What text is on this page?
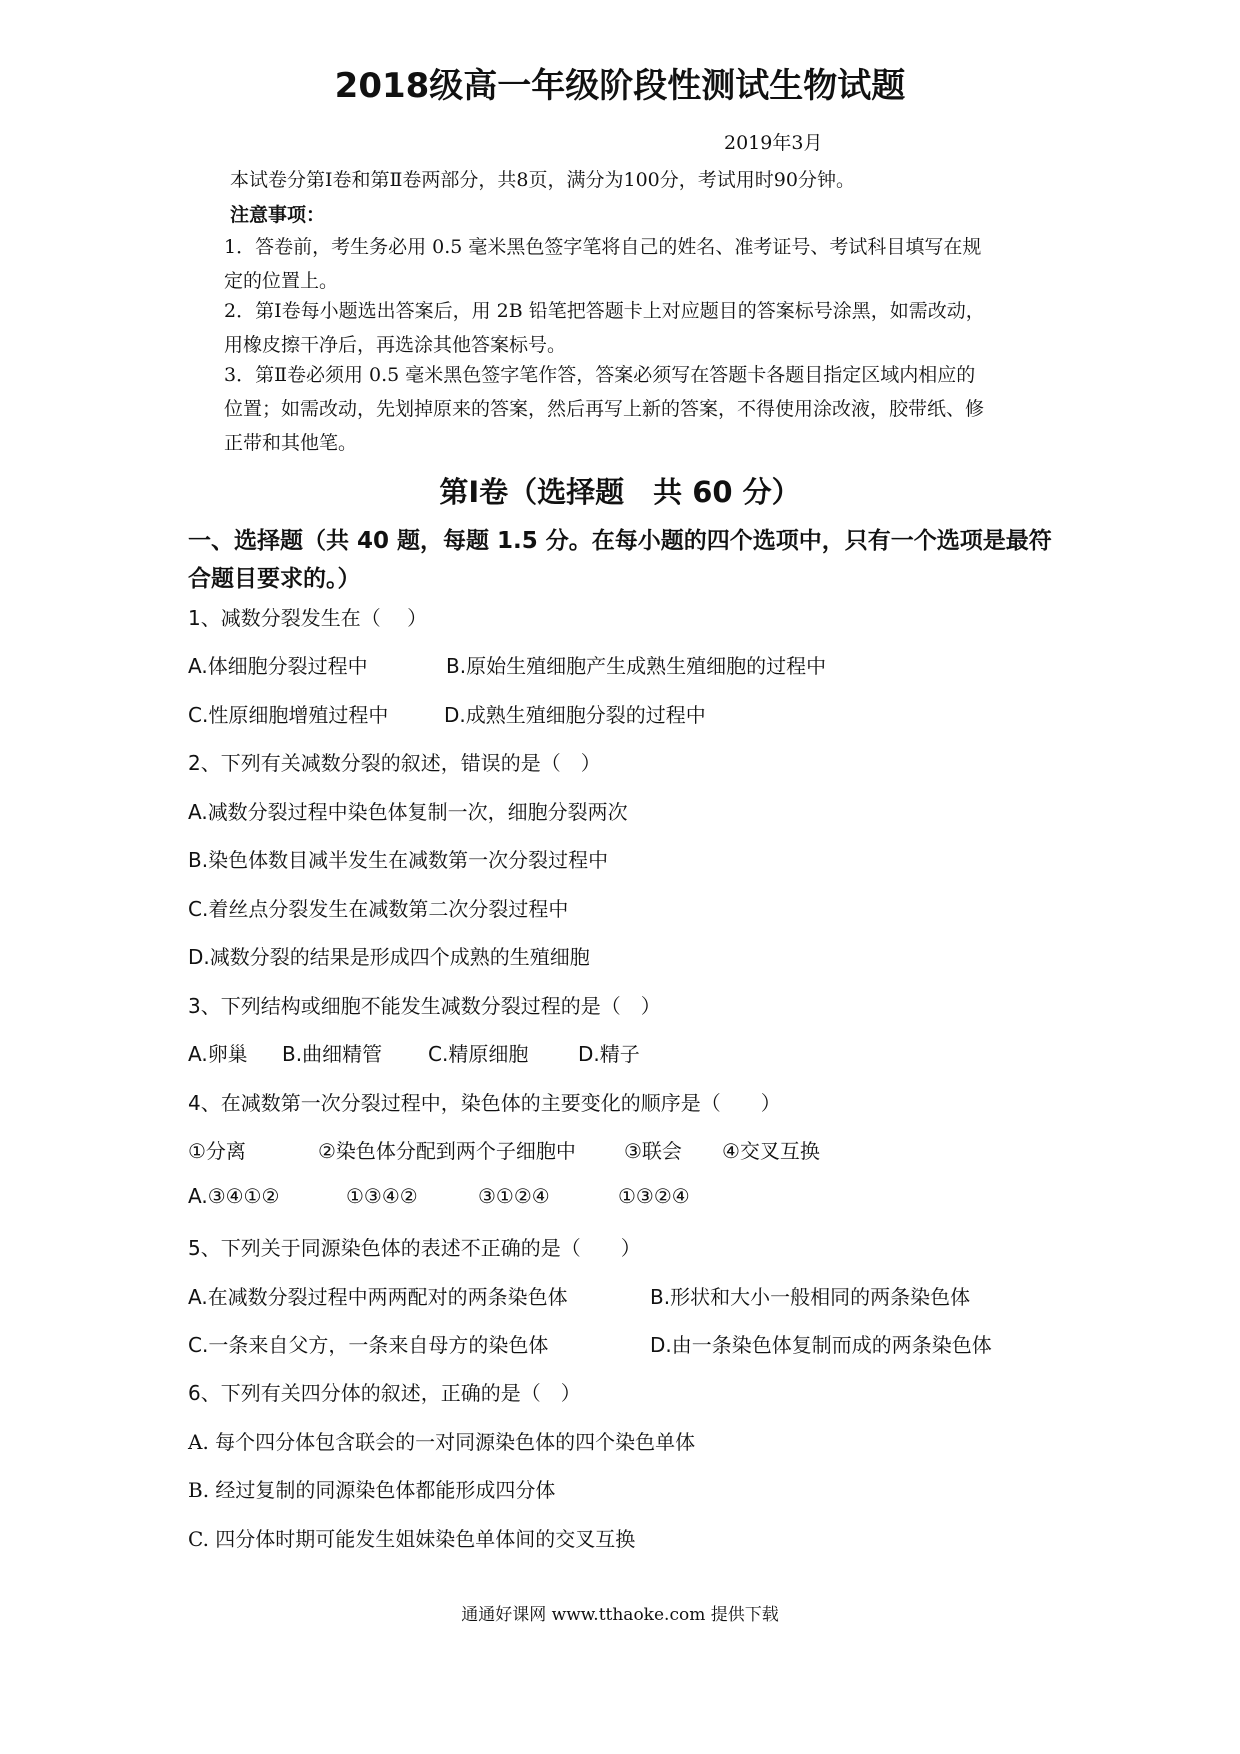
2018级高一年级阶段性测试生物试题
2019年3月
本试卷分第Ⅰ卷和第Ⅱ卷两部分，共8页，满分为100分，考试用时90分钟。
注意事项：
1．答卷前，考生务必用 0.5 毫米黑色签字笔将自己的姓名、准考证号、考试科目填写在规
定的位置上。
2．第Ⅰ卷每小题选出答案后，用 2B 铅笔把答题卡上对应题目的答案标号涂黑，如需改动，
用橡皮擦干净后，再选涂其他答案标号。
3．第Ⅱ卷必须用 0.5 毫米黑色签字笔作答，答案必须写在答题卡各题目指定区域内相应的
位置；如需改动，先划掉原来的答案，然后再写上新的答案，不得使用涂改液，胶带纸、修
正带和其他笔。
第Ⅰ卷（选择题　共 60 分）
一、选择题（共 40 题，每题 1.5 分。在每小题的四个选项中，只有一个选项是最符
合题目要求的。）
1、减数分裂发生在（　 ）
A.体细胞分裂过程中	B.原始生殖细胞产生成熟生殖细胞的过程中
C.性原细胞增殖过程中	D.成熟生殖细胞分裂的过程中
2、下列有关减数分裂的叙述，错误的是（　）
A.减数分裂过程中染色体复制一次，细胞分裂两次
B.染色体数目减半发生在减数第一次分裂过程中
C.着丝点分裂发生在减数第二次分裂过程中
D.减数分裂的结果是形成四个成熟的生殖细胞
3、下列结构或细胞不能发生减数分裂过程的是（　）
A.卵巢 B.曲细精管 C.精原细胞 D.精子
4、在减数第一次分裂过程中，染色体的主要变化的顺序是（　　）
①分离	②染色体分配到两个子细胞中 ③联会 ④交叉互换
A.③④①②	①③④②	③①②④	①③②④
5、下列关于同源染色体的表述不正确的是（　　）
A.在减数分裂过程中两两配对的两条染色体	B.形状和大小一般相同的两条染色体
C.一条来自父方，一条来自母方的染色体	D.由一条染色体复制而成的两条染色体
6、下列有关四分体的叙述，正确的是（　）
A. 每个四分体包含联会的一对同源染色体的四个染色单体
B. 经过复制的同源染色体都能形成四分体
C. 四分体时期可能发生姐妹染色单体间的交叉互换
通通好课网 www.tthaoke.com 提供下载
